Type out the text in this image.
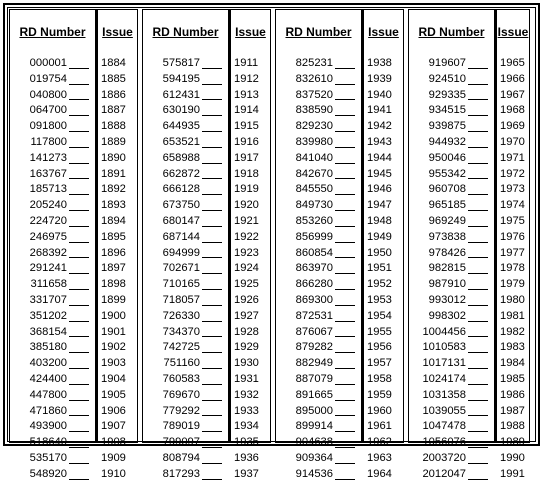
RD Number
000001
019754
040800
064700
091800
117800
141273
163767
185713
205240
224720
246975
268392
291241
311658
331707
351202
368154
385180
403200
424400
447800
471860
493900
518640
535170
548920
Issue
1884
1885
1886
1887
1888
1889
1890
1891
1892
1893
1894
1895
1896
1897
1898
1899
1900
1901
1902
1903
1904
1905
1906
1907
1908
1909
1910
RD Number
575817
594195
612431
630190
644935
653521
658988
662872
666128
673750
680147
687144
694999
702671
710165
718057
726330
734370
742725
751160
760583
769670
779292
789019
799097
808794
817293
Issue
1911
1912
1913
1914
1915
1916
1917
1918
1919
1920
1921
1922
1923
1924
1925
1926
1927
1928
1929
1930
1931
1932
1933
1934
1935
1936
1937
RD Number
825231
832610
837520
838590
829230
839980
841040
842670
845550
849730
853260
856999
860854
863970
866280
869300
872531
876067
879282
882949
887079
891665
895000
899914
904638
909364
914536
Issue
1938
1939
1940
1941
1942
1943
1944
1945
1946
1947
1948
1949
1950
1951
1952
1953
1954
1955
1956
1957
1958
1959
1960
1961
1962
1963
1964
RD Number
919607
924510
929335
934515
939875
944932
950046
955342
960708
965185
969249
973838
978426
982815
987910
993012
998302
1004456
1010583
1017131
1024174
1031358
1039055
1047478
1056076
2003720
2012047
Issue
1965
1966
1967
1968
1969
1970
1971
1972
1973
1974
1975
1976
1977
1978
1979
1980
1981
1982
1983
1984
1985
1986
1987
1988
1989
1990
1991
